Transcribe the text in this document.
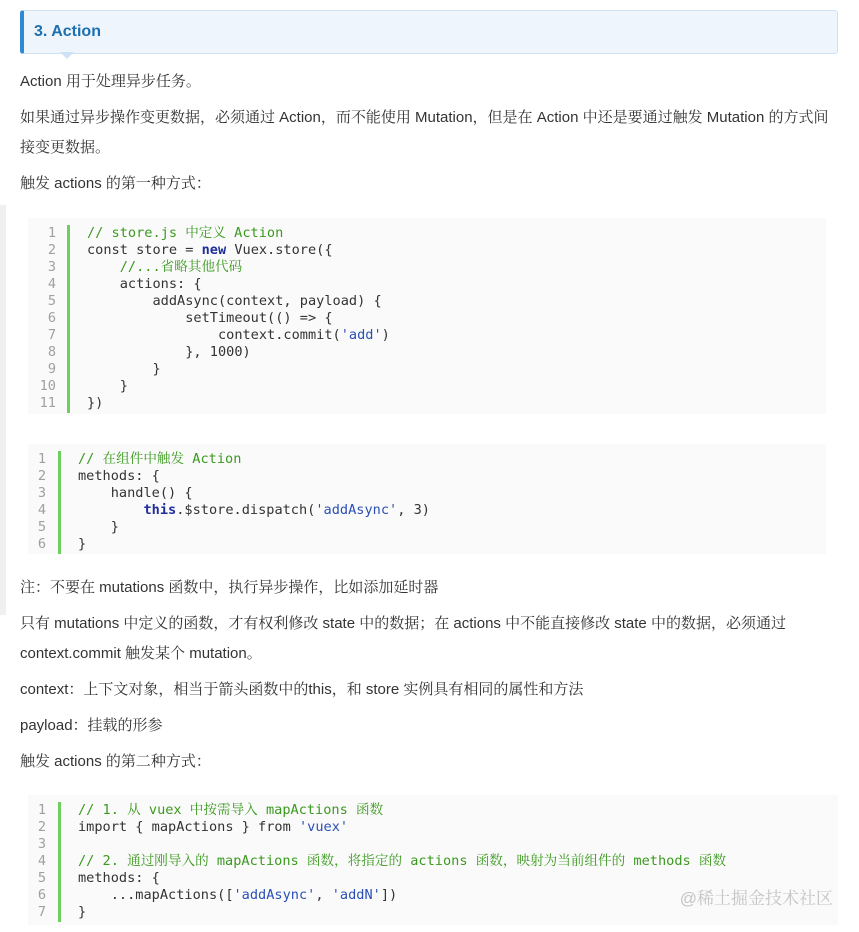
3. Action
Action 用于处理异步任务。
如果通过异步操作变更数据，必须通过 Action，而不能使用 Mutation，但是在 Action 中还是要通过触发 Mutation 的方式间接变更数据。
触发 actions 的第一种方式：
1
2
3
4
5
6
7
8
9
10
11
// store.js 中定义 Action
const store = new Vuex.store({
//...省略其他代码
actions: {
addAsync(context, payload) {
setTimeout(() => {
context.commit('add')
}, 1000)
}
}
})
1
2
3
4
5
6
// 在组件中触发 Action
methods: {
handle() {
this.$store.dispatch('addAsync', 3)
}
}
注：不要在 mutations 函数中，执行异步操作，比如添加延时器
只有 mutations 中定义的函数，才有权利修改 state 中的数据；在 actions 中不能直接修改 state 中的数据，必须通过 context.commit 触发某个 mutation。
context：上下文对象，相当于箭头函数中的this，和 store 实例具有相同的属性和方法
payload：挂载的形参
触发 actions 的第二种方式：
1
2
3
4
5
6
7
// 1. 从 vuex 中按需导入 mapActions 函数
import { mapActions } from 'vuex'
// 2. 通过刚导入的 mapActions 函数，将指定的 actions 函数，映射为当前组件的 methods 函数
methods: {
...mapActions(['addAsync', 'addN'])
}
@稀土掘金技术社区
